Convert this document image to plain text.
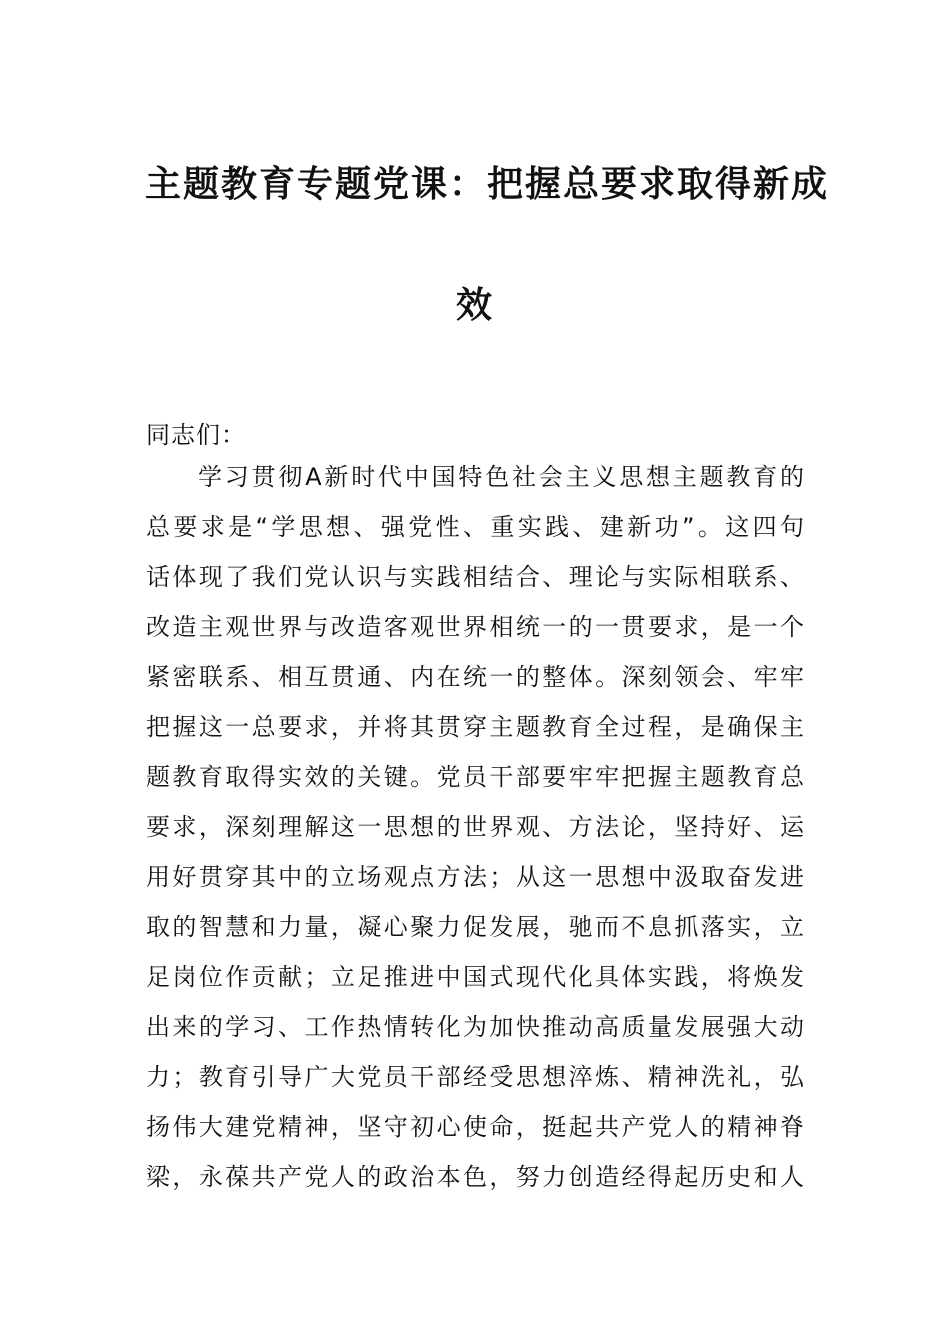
主题教育专题党课：把握总要求取得新成
效

同志们：

学习贯彻A新时代中国特色社会主义思想主题教育的

总要求是“学思想、强党性、重实践、建新功”。这四句

话体现了我们党认识与实践相结合、理论与实际相联系、

改造主观世界与改造客观世界相统一的一贯要求，是一个

紧密联系、相互贯通、内在统一的整体。深刻领会、牢牢

把握这一总要求，并将其贯穿主题教育全过程，是确保主

题教育取得实效的关键。党员干部要牢牢把握主题教育总

要求，深刻理解这一思想的世界观、方法论，坚持好、运

用好贯穿其中的立场观点方法；从这一思想中汲取奋发进

取的智慧和力量，凝心聚力促发展，驰而不息抓落实，立

足岗位作贡献；立足推进中国式现代化具体实践，将焕发

出来的学习、工作热情转化为加快推动高质量发展强大动

力；教育引导广大党员干部经受思想淬炼、精神洗礼，弘

扬伟大建党精神，坚守初心使命，挺起共产党人的精神脊

梁，永葆共产党人的政治本色，努力创造经得起历史和人
